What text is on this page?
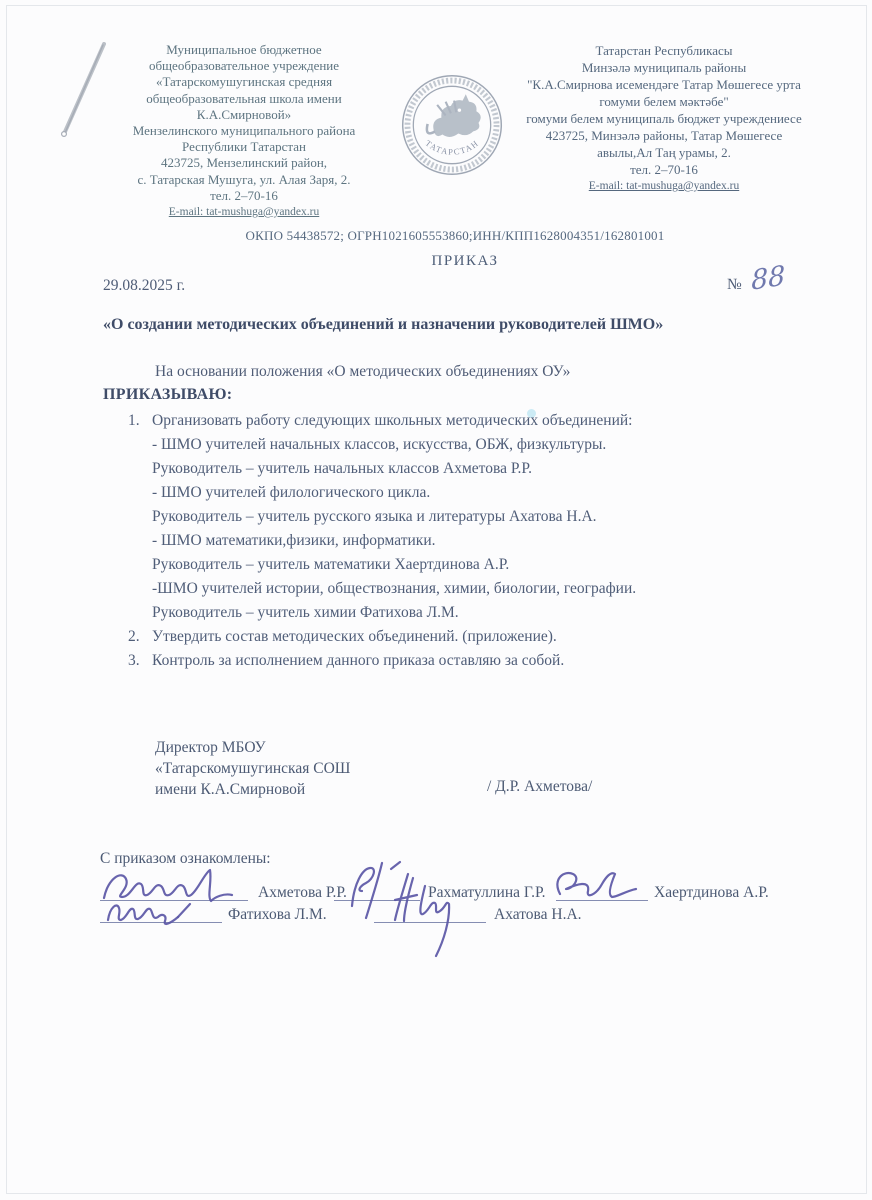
Муниципальное бюджетное
общеобразовательное учреждение
«Татарскомушугинская средняя
общеобразовательная школа имени
К.А.Смирновой»
Мензелинского муниципального района
Республики Татарстан
423725, Мензелинский район,
с. Татарская Мушуга, ул. Алая Заря, 2.
тел. 2–70-16
E-mail: tat-mushuga@yandex.ru
ТАТАРСТАН
Татарстан Республикасы
Минзәлә муниципаль районы
"К.А.Смирнова исемендәге Татар Мөшегесе урта
гомуми белем мәктәбе"
гомуми белем муниципаль бюджет учреждениесе
423725, Минзәлә районы, Татар Мөшегесе
авылы,Ал Таң урамы, 2.
тел. 2–70-16
E-mail: tat-mushuga@yandex.ru
ОКПО 54438572; ОГРН1021605553860;ИНН/КПП1628004351/162801001
ПРИКАЗ
29.08.2025 г.	№ 88
«О создании методических объединений и назначении руководителей ШМО»
На основании положения «О методических объединениях ОУ»
ПРИКАЗЫВАЮ:
1. Организовать работу следующих школьных методических объединений:
- ШМО учителей начальных классов, искусства, ОБЖ, физкультуры.
Руководитель – учитель начальных классов Ахметова Р.Р.
- ШМО учителей филологического цикла.
Руководитель – учитель русского языка и литературы Ахатова Н.А.
- ШМО математики,физики, информатики.
Руководитель – учитель математики Хаертдинова А.Р.
-ШМО учителей истории, обществознания, химии, биологии, географии.
Руководитель – учитель химии Фатихова Л.М.
2. Утвердить состав методических объединений. (приложение).
3. Контроль за исполнением данного приказа оставляю за собой.
Директор МБОУ
«Татарскомушугинская СОШ
имени К.А.Смирновой	/ Д.Р. Ахметова/
С приказом ознакомлены:
Ахметова Р.Р.	Рахматуллина Г.Р.	Хаертдинова А.Р.
Фатихова Л.М.	Ахатова Н.А.
